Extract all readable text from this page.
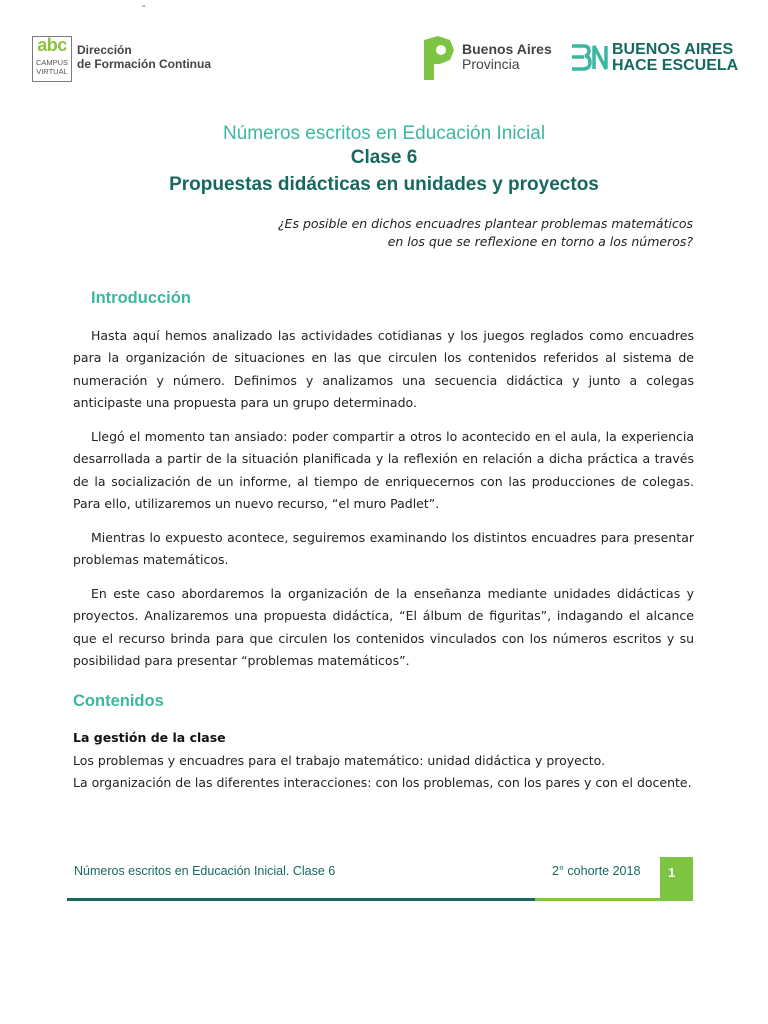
-
abc
CAMPUS
VIRTUAL
Dirección
de Formación Continua
Buenos Aires
Provincia
BUENOS AIRES
HACE ESCUELA
Números escritos en Educación Inicial
Clase 6
Propuestas didácticas en unidades y proyectos
¿Es posible en dichos encuadres plantear problemas matemáticos
en los que se reflexione en torno a los números?
Introducción

Hasta aquí hemos analizado las actividades cotidianas y los juegos reglados como encuadres para la organización de situaciones en las que circulen los contenidos referidos al sistema de numeración y número. Definimos y analizamos una secuencia didáctica y junto a colegas anticipaste una propuesta para un grupo determinado.

Llegó el momento tan ansiado: poder compartir a otros lo acontecido en el aula, la experiencia desarrollada a partir de la situación planificada y la reflexión en relación a dicha práctica a través de la socialización de un informe, al tiempo de enriquecernos con las producciones de colegas. Para ello, utilizaremos un nuevo recurso, “el muro Padlet”.

Mientras lo expuesto acontece, seguiremos examinando los distintos encuadres para presentar problemas matemáticos.

En este caso abordaremos la organización de la enseñanza mediante unidades didácticas y proyectos. Analizaremos una propuesta didáctica, “El álbum de figuritas”, indagando el alcance que el recurso brinda para que circulen los contenidos vinculados con los números escritos y su posibilidad para presentar “problemas matemáticos”.

Contenidos
La gestión de la clase

Los problemas y encuadres para el trabajo matemático: unidad didáctica y proyecto.

La organización de las diferentes interacciones: con los problemas, con los pares y con el docente.

Números escritos en Educación Inicial. Clase 6	2° cohorte 2018 1
